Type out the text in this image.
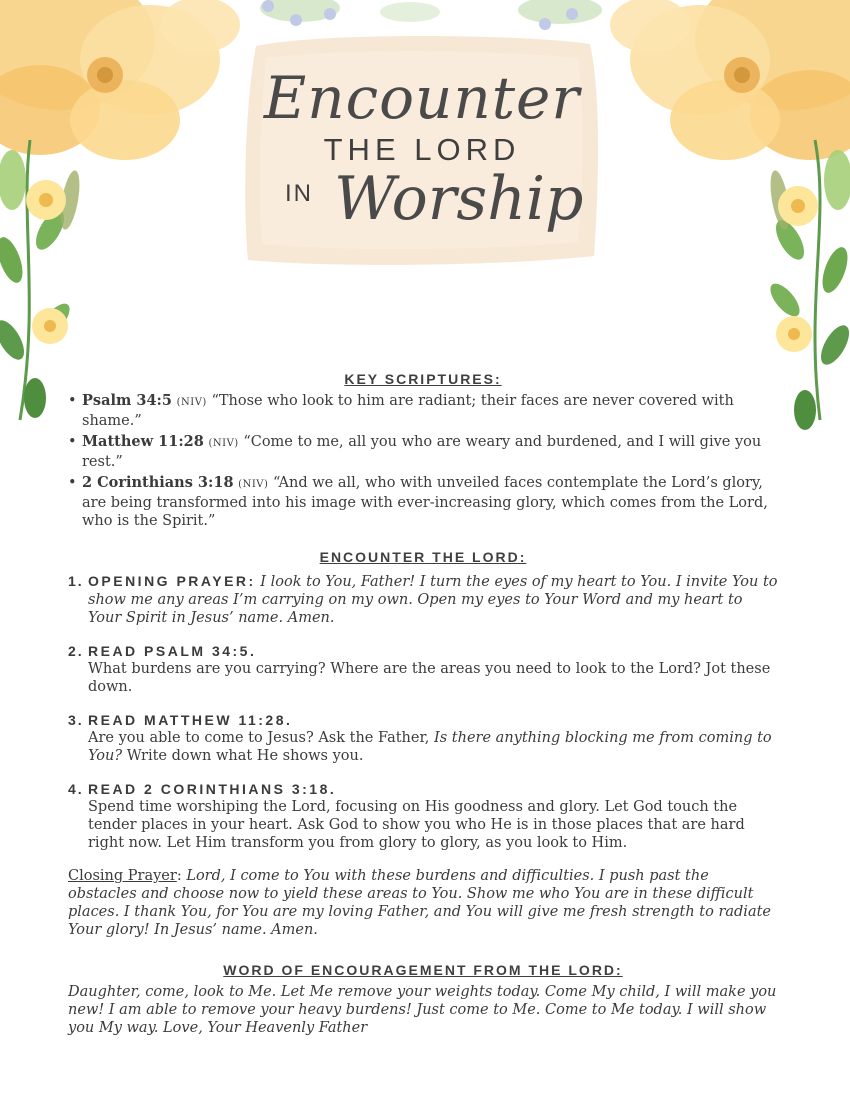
Encounter
THE LORD
IN Worship
KEY SCRIPTURES:
• Psalm 34:5 (NIV) “Those who look to him are radiant; their faces are never covered with shame.”
• Matthew 11:28 (NIV) “Come to me, all you who are weary and burdened, and I will give you rest.”
• 2 Corinthians 3:18 (NIV) “And we all, who with unveiled faces contemplate the Lord’s glory, are being transformed into his image with ever-increasing glory, which comes from the Lord, who is the Spirit.”
ENCOUNTER THE LORD:
1. OPENING PRAYER: I look to You, Father! I turn the eyes of my heart to You. I invite You to show me any areas I’m carrying on my own. Open my eyes to Your Word and my heart to Your Spirit in Jesus’ name. Amen.
2. READ PSALM 34:5.
What burdens are you carrying? Where are the areas you need to look to the Lord? Jot these down.
3. READ MATTHEW 11:28.
Are you able to come to Jesus? Ask the Father, Is there anything blocking me from coming to You? Write down what He shows you.
4. READ 2 CORINTHIANS 3:18.
Spend time worshiping the Lord, focusing on His goodness and glory. Let God touch the tender places in your heart. Ask God to show you who He is in those places that are hard right now. Let Him transform you from glory to glory, as you look to Him.
Closing Prayer: Lord, I come to You with these burdens and difficulties. I push past the obstacles and choose now to yield these areas to You. Show me who You are in these difficult places. I thank You, for You are my loving Father, and You will give me fresh strength to radiate Your glory! In Jesus’ name. Amen.
WORD OF ENCOURAGEMENT FROM THE LORD:
Daughter, come, look to Me. Let Me remove your weights today. Come My child, I will make you new! I am able to remove your heavy burdens! Just come to Me. Come to Me today. I will show you My way. Love, Your Heavenly Father
